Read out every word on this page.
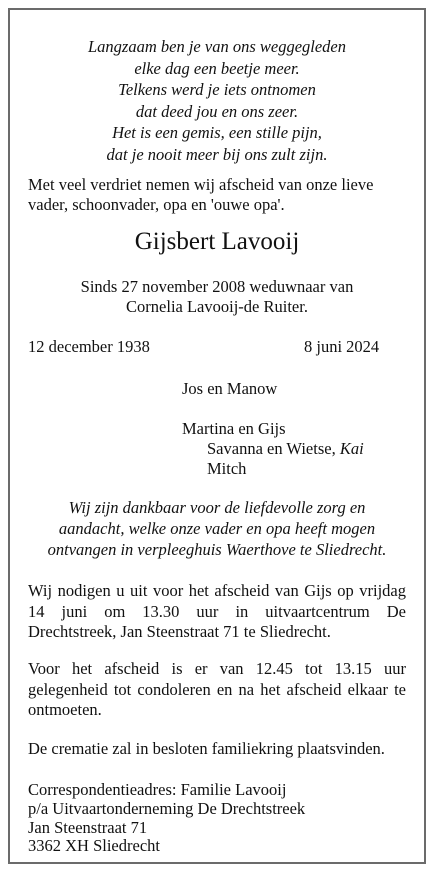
Langzaam ben je van ons weggegleden
elke dag een beetje meer.
Telkens werd je iets ontnomen
dat deed jou en ons zeer.
Het is een gemis, een stille pijn,
dat je nooit meer bij ons zult zijn.
Met veel verdriet nemen wij afscheid van onze lieve vader, schoonvader, opa en 'ouwe opa'.
Gijsbert Lavooij
Sinds 27 november 2008 weduwnaar van
Cornelia Lavooij-de Ruiter.
12 december 1938	8 juni 2024
Jos en Manow
Martina en Gijs
Savanna en Wietse, Kai
Mitch
Wij zijn dankbaar voor de liefdevolle zorg en
aandacht, welke onze vader en opa heeft mogen
ontvangen in verpleeghuis Waerthove te Sliedrecht.
Wij nodigen u uit voor het afscheid van Gijs op vrijdag 14 juni om 13.30 uur in uitvaartcentrum De Drechtstreek, Jan Steenstraat 71 te Sliedrecht.
Voor het afscheid is er van 12.45 tot 13.15 uur gelegenheid tot condoleren en na het afscheid elkaar te ontmoeten.
De crematie zal in besloten familiekring plaatsvinden.
Correspondentieadres: Familie Lavooij
p/a Uitvaartonderneming De Drechtstreek
Jan Steenstraat 71
3362 XH Sliedrecht
